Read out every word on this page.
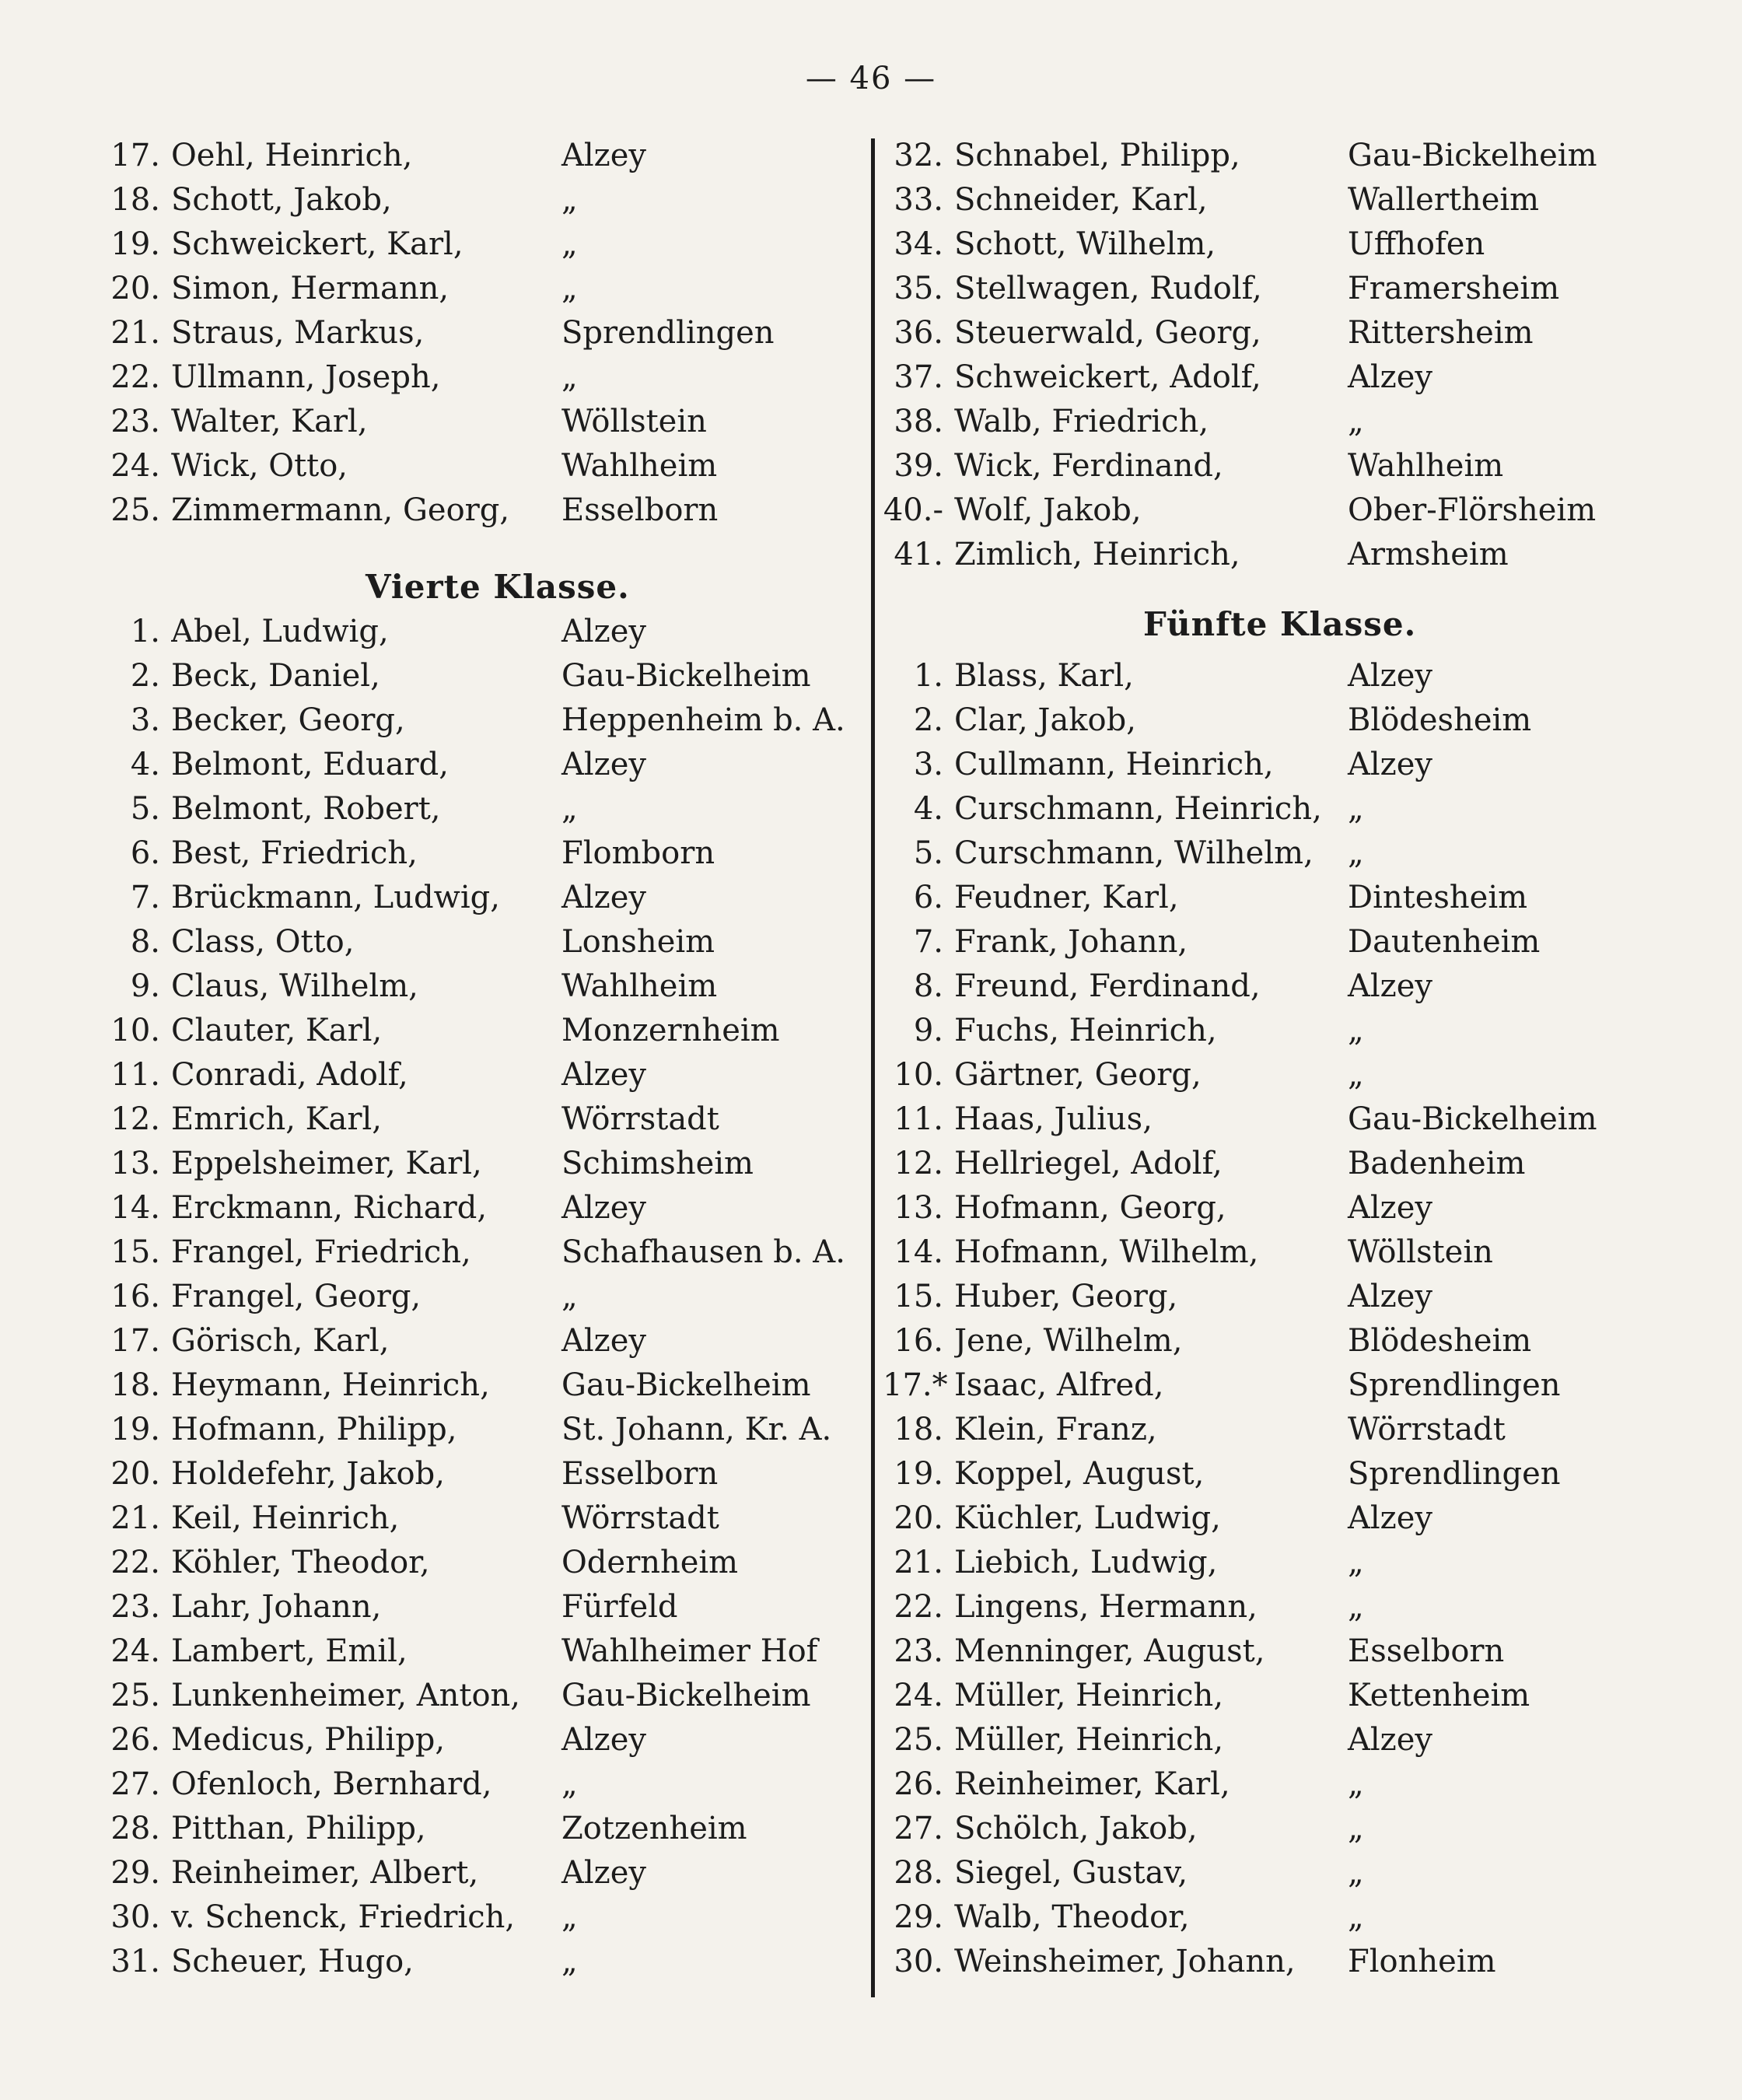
— 46 —
17. Oehl, Heinrich,	Alzey
18. Schott, Jakob,	„
19. Schweickert, Karl,	„
20. Simon, Hermann,	„
21. Straus, Markus,	Sprendlingen
22. Ullmann, Joseph,	„
23. Walter, Karl,	Wöllstein
24. Wick, Otto,	Wahlheim
25. Zimmermann, Georg,	Esselborn
Vierte Klasse.
1. Abel, Ludwig,	Alzey
2. Beck, Daniel,	Gau-Bickelheim
3. Becker, Georg,	Heppenheim b. A.
4. Belmont, Eduard,	Alzey
5. Belmont, Robert,	„
6. Best, Friedrich,	Flomborn
7. Brückmann, Ludwig,	Alzey
8. Class, Otto,	Lonsheim
9. Claus, Wilhelm,	Wahlheim
10. Clauter, Karl,	Monzernheim
11. Conradi, Adolf,	Alzey
12. Emrich, Karl,	Wörrstadt
13. Eppelsheimer, Karl,	Schimsheim
14. Erckmann, Richard,	Alzey
15. Frangel, Friedrich,	Schafhausen b. A.
16. Frangel, Georg,	„
17. Görisch, Karl,	Alzey
18. Heymann, Heinrich,	Gau-Bickelheim
19. Hofmann, Philipp,	St. Johann, Kr. A.
20. Holdefehr, Jakob,	Esselborn
21. Keil, Heinrich,	Wörrstadt
22. Köhler, Theodor,	Odernheim
23. Lahr, Johann,	Fürfeld
24. Lambert, Emil,	Wahlheimer Hof
25. Lunkenheimer, Anton,	Gau-Bickelheim
26. Medicus, Philipp,	Alzey
27. Ofenloch, Bernhard,	„
28. Pitthan, Philipp,	Zotzenheim
29. Reinheimer, Albert,	Alzey
30. v. Schenck, Friedrich,	„
31. Scheuer, Hugo,	„
32. Schnabel, Philipp,	Gau-Bickelheim
33. Schneider, Karl,	Wallertheim
34. Schott, Wilhelm,	Uffhofen
35. Stellwagen, Rudolf,	Framersheim
36. Steuerwald, Georg,	Rittersheim
37. Schweickert, Adolf,	Alzey
38. Walb, Friedrich,	„
39. Wick, Ferdinand,	Wahlheim
40.- Wolf, Jakob,	Ober-Flörsheim
41. Zimlich, Heinrich,	Armsheim
Fünfte Klasse.
1. Blass, Karl,	Alzey
2. Clar, Jakob,	Blödesheim
3. Cullmann, Heinrich,	Alzey
4. Curschmann, Heinrich, „
5. Curschmann, Wilhelm,	„
6. Feudner, Karl,	Dintesheim
7. Frank, Johann,	Dautenheim
8. Freund, Ferdinand,	Alzey
9. Fuchs, Heinrich,	„
10. Gärtner, Georg,	„
11. Haas, Julius,	Gau-Bickelheim
12. Hellriegel, Adolf,	Badenheim
13. Hofmann, Georg,	Alzey
14. Hofmann, Wilhelm,	Wöllstein
15. Huber, Georg,	Alzey
16. Jene, Wilhelm,	Blödesheim
17.* Isaac, Alfred,	Sprendlingen
18. Klein, Franz,	Wörrstadt
19. Koppel, August,	Sprendlingen
20. Küchler, Ludwig,	Alzey
21. Liebich, Ludwig,	„
22. Lingens, Hermann,	„
23. Menninger, August,	Esselborn
24. Müller, Heinrich,	Kettenheim
25. Müller, Heinrich,	Alzey
26. Reinheimer, Karl,	„
27. Schölch, Jakob,	„
28. Siegel, Gustav,	„
29. Walb, Theodor,	„
30. Weinsheimer, Johann,	Flonheim
